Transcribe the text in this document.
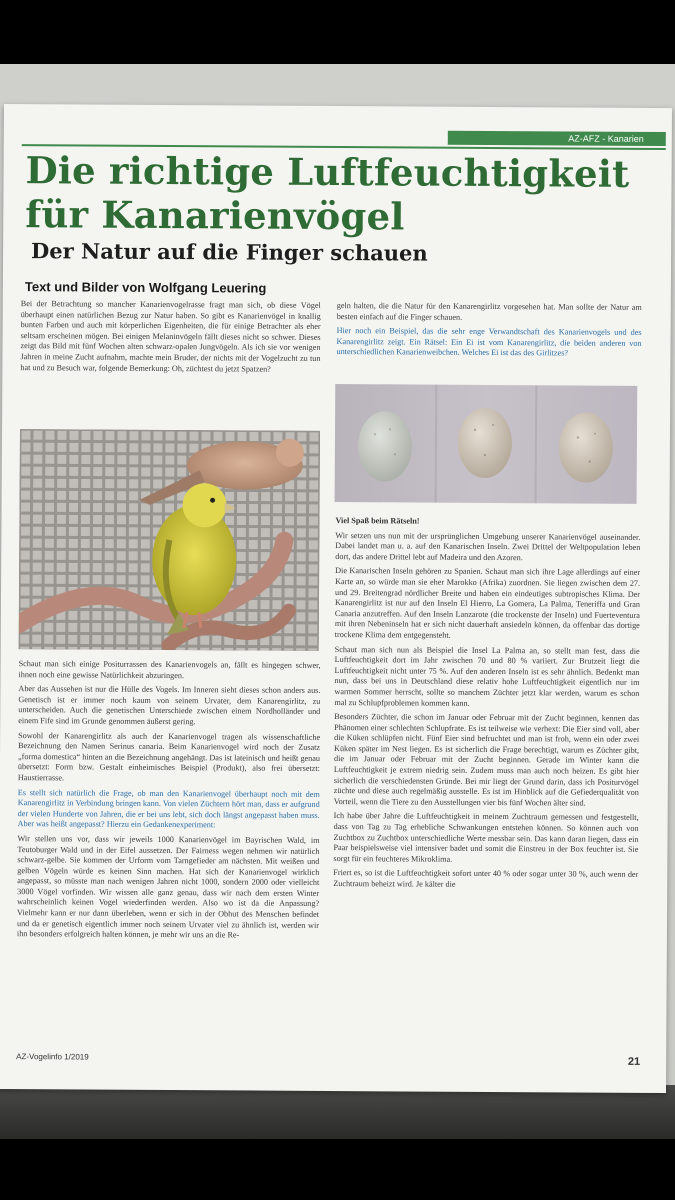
AZ-AFZ - Kanarien
Die richtige Luftfeuchtigkeit
für Kanarienvögel
Der Natur auf die Finger schauen
Text und Bilder von Wolfgang Leuering

Bei der Betrachtung so mancher Kanarienvogelrasse fragt man sich, ob diese Vögel überhaupt einen natürlichen Bezug zur Natur haben. So gibt es Kanarienvögel in knallig bunten Farben und auch mit körperlichen Eigenheiten, die für einige Betrachter als eher seltsam erscheinen mögen. Bei einigen Melaninvögeln fällt dieses nicht so schwer. Dieses zeigt das Bild mit fünf Wochen alten schwarz-opalen Jungvögeln. Als ich sie vor wenigen Jahren in meine Zucht aufnahm, machte mein Bruder, der nichts mit der Vogelzucht zu tun hat und zu Besuch war, folgende Bemerkung: Oh, züchtest du jetzt Spatzen?

Schaut man sich einige Positurrassen des Kanarienvogels an, fällt es hingegen schwer, ihnen noch eine gewisse Natürlichkeit abzuringen.

Aber das Aussehen ist nur die Hülle des Vogels. Im Inneren sieht dieses schon anders aus. Genetisch ist er immer noch kaum von seinem Urvater, dem Kanarengirlitz, zu unterscheiden. Auch die genetischen Unterschiede zwischen einem Nordholländer und einem Fife sind im Grunde genommen äußerst gering.

Sowohl der Kanarengirlitz als auch der Kanarienvogel tragen als wissenschaftliche Bezeichnung den Namen Serinus canaria. Beim Kanarienvogel wird noch der Zusatz „forma domestica“ hinten an die Bezeichnung angehängt. Das ist lateinisch und heißt genau übersetzt: Form bzw. Gestalt einheimisches Beispiel (Produkt), also frei übersetzt: Haustierrasse.

Es stellt sich natürlich die Frage, ob man den Kanarienvogel überhaupt noch mit dem Kanarengirlitz in Verbindung bringen kann. Von vielen Züchtern hört man, dass er aufgrund der vielen Hunderte von Jahren, die er bei uns lebt, sich doch längst angepasst haben muss. Aber was heißt angepasst? Hierzu ein Gedankenexperiment:

Wir stellen uns vor, dass wir jeweils 1000 Kanarienvögel im Bayrischen Wald, im Teutoburger Wald und in der Eifel aussetzen. Der Fairness wegen nehmen wir natürlich schwarz-gelbe. Sie kommen der Urform vom Tarngefieder am nächsten. Mit weißen und gelben Vögeln würde es keinen Sinn machen. Hat sich der Kanarienvogel wirklich angepasst, so müsste man nach wenigen Jahren nicht 1000, sondern 2000 oder vielleicht 3000 Vögel vorfinden. Wir wissen alle ganz genau, dass wir nach dem ersten Winter wahrscheinlich keinen Vogel wiederfinden werden. Also wo ist da die Anpassung? Vielmehr kann er nur dann überleben, wenn er sich in der Obhut des Menschen befindet und da er genetisch eigentlich immer noch seinem Urvater viel zu ähnlich ist, werden wir ihn besonders erfolgreich halten können, je mehr wir uns an die Re-

geln halten, die die Natur für den Kanarengirlitz vorgesehen hat. Man sollte der Natur am besten einfach auf die Finger schauen.

Hier noch ein Beispiel, das die sehr enge Verwandtschaft des Kanarienvogels und des Kanarengirlitz zeigt. Ein Rätsel: Ein Ei ist vom Kanarengirlitz, die beiden anderen von unterschiedlichen Kanarienweibchen. Welches Ei ist das des Girlitzes?

Viel Spaß beim Rätseln!

Wir setzen uns nun mit der ursprünglichen Umgebung unserer Kanarienvögel auseinander. Dabei landet man u. a. auf den Kanarischen Inseln. Zwei Drittel der Weltpopulation leben dort, das andere Drittel lebt auf Madeira und den Azoren.

Die Kanarischen Inseln gehören zu Spanien. Schaut man sich ihre Lage allerdings auf einer Karte an, so würde man sie eher Marokko (Afrika) zuordnen. Sie liegen zwischen dem 27. und 29. Breitengrad nördlicher Breite und haben ein eindeutiges subtropisches Klima. Der Kanarengirlitz ist nur auf den Inseln El Hierro, La Gomera, La Palma, Teneriffa und Gran Canaria anzutreffen. Auf den Inseln Lanzarote (die trockenste der Inseln) und Fuerteventura mit ihren Nebeninseln hat er sich nicht dauerhaft ansiedeln können, da offenbar das dortige trockene Klima dem entgegensteht.

Schaut man sich nun als Beispiel die Insel La Palma an, so stellt man fest, dass die Luftfeuchtigkeit dort im Jahr zwischen 70 und 80 % variiert. Zur Brutzeit liegt die Luftfeuchtigkeit nicht unter 75 %. Auf den anderen Inseln ist es sehr ähnlich. Bedenkt man nun, dass bei uns in Deutschland diese relativ hohe Luftfeuchtigkeit eigentlich nur im warmen Sommer herrscht, sollte so manchem Züchter jetzt klar werden, warum es schon mal zu Schlupfproblemen kommen kann.

Besonders Züchter, die schon im Januar oder Februar mit der Zucht beginnen, kennen das Phänomen einer schlechten Schlupfrate. Es ist teilweise wie verhext: Die Eier sind voll, aber die Küken schlüpfen nicht. Fünf Eier sind befruchtet und man ist froh, wenn ein oder zwei Küken später im Nest liegen. Es ist sicherlich die Frage berechtigt, warum es Züchter gibt, die im Januar oder Februar mit der Zucht beginnen. Gerade im Winter kann die Luftfeuchtigkeit je extrem niedrig sein. Zudem muss man auch noch heizen. Es gibt hier sicherlich die verschiedensten Gründe. Bei mir liegt der Grund darin, dass ich Positurvögel züchte und diese auch regelmäßig ausstelle. Es ist im Hinblick auf die Gefiederqualität von Vorteil, wenn die Tiere zu den Ausstellungen vier bis fünf Wochen älter sind.

Ich habe über Jahre die Luftfeuchtigkeit in meinem Zuchtraum gemessen und festgestellt, dass von Tag zu Tag erhebliche Schwankungen entstehen können. So können auch von Zuchtbox zu Zuchtbox unterschiedliche Werte messbar sein. Das kann daran liegen, dass ein Paar beispielsweise viel intensiver badet und somit die Einstreu in der Box feuchter ist. Sie sorgt für ein feuchteres Mikroklima.

Friert es, so ist die Luftfeuchtigkeit sofort unter 40 % oder sogar unter 30 %, auch wenn der Zuchtraum beheizt wird. Je kälter die

AZ-Vogelinfo 1/2019	21
